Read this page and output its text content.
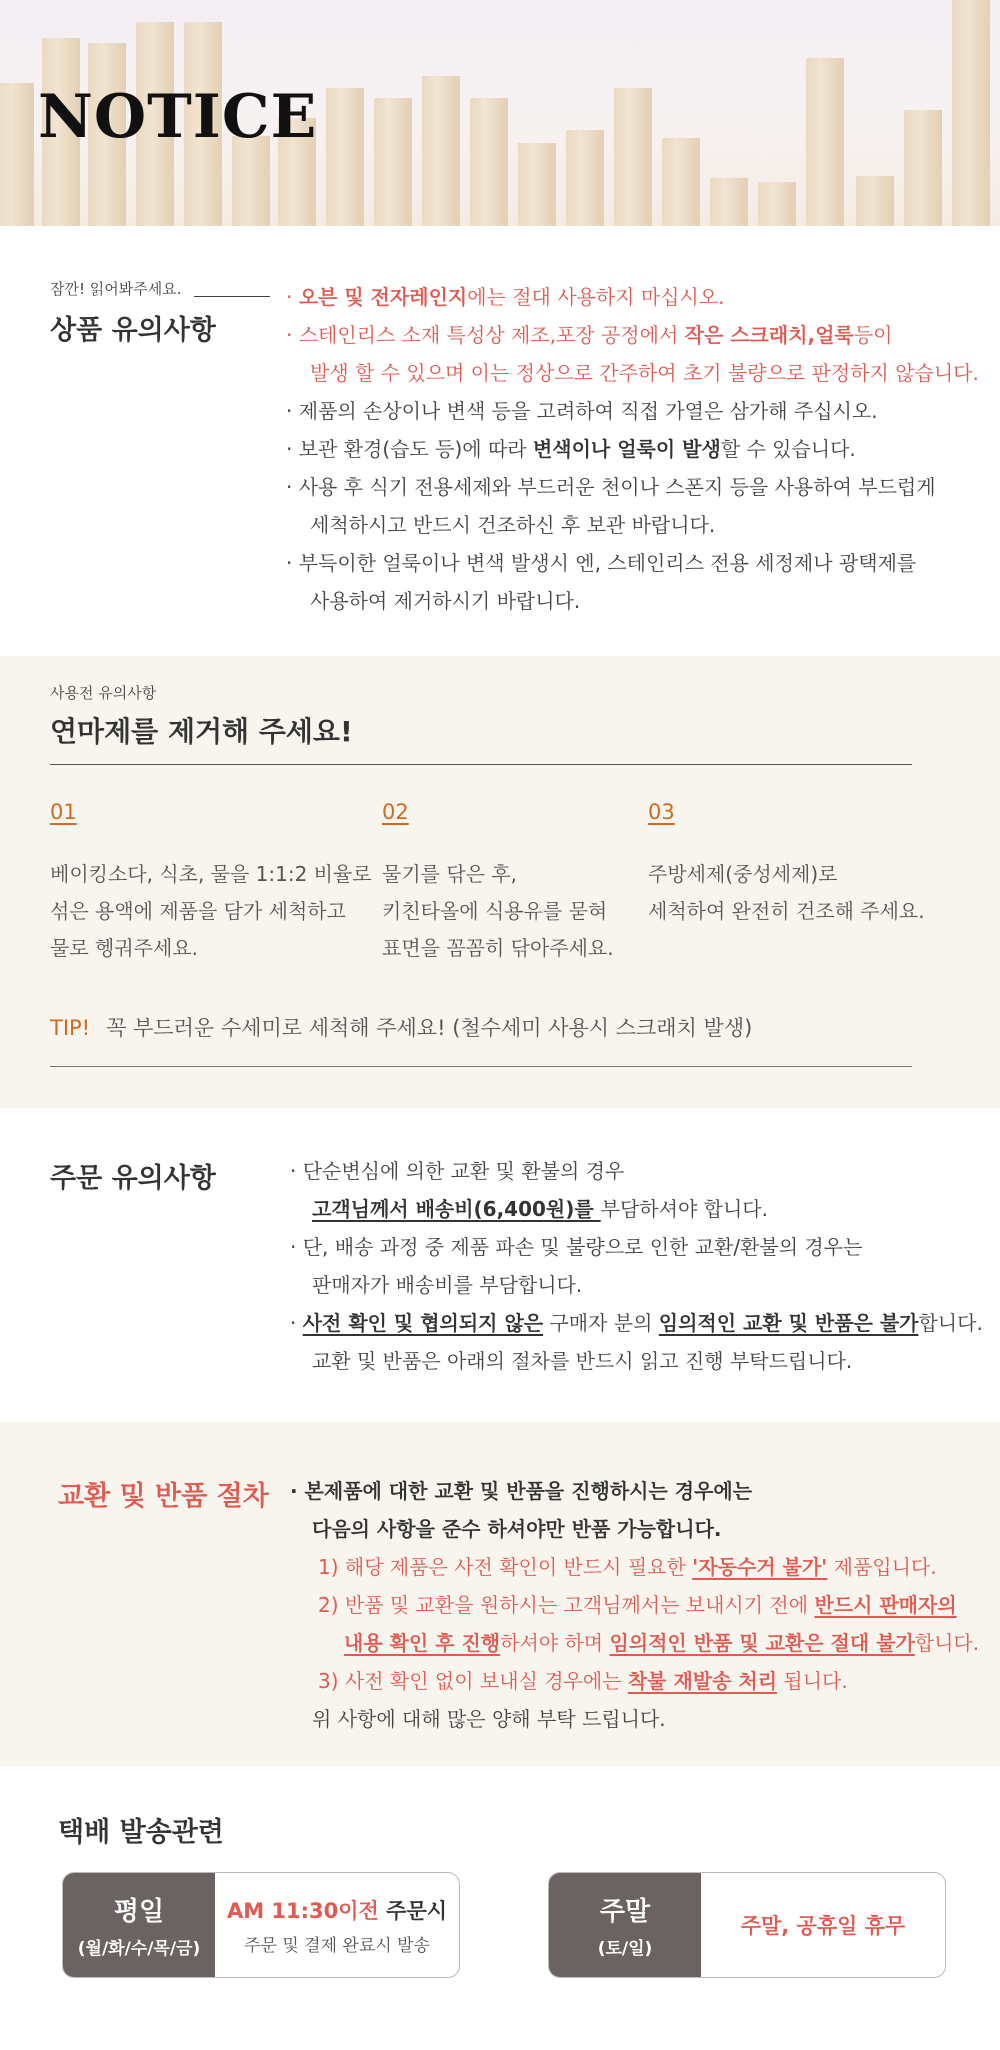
NOTICE
잠깐! 읽어봐주세요.
상품 유의사항
· 오븐 및 전자레인지에는 절대 사용하지 마십시오.
· 스테인리스 소재 특성상 제조,포장 공정에서 작은 스크래치,얼룩등이
발생 할 수 있으며 이는 정상으로 간주하여 초기 불량으로 판정하지 않습니다.
· 제품의 손상이나 변색 등을 고려하여 직접 가열은 삼가해 주십시오.
· 보관 환경(습도 등)에 따라 변색이나 얼룩이 발생할 수 있습니다.
· 사용 후 식기 전용세제와 부드러운 천이나 스폰지 등을 사용하여 부드럽게
세척하시고 반드시 건조하신 후 보관 바랍니다.
· 부득이한 얼룩이나 변색 발생시 엔, 스테인리스 전용 세정제나 광택제를
사용하여 제거하시기 바랍니다.
사용전 유의사항
연마제를 제거해 주세요!
01
베이킹소다, 식초, 물을 1:1:2 비율로
섞은 용액에 제품을 담가 세척하고
물로 헹궈주세요.
02
물기를 닦은 후,
키친타올에 식용유를 묻혀
표면을 꼼꼼히 닦아주세요.
03
주방세제(중성세제)로
세척하여 완전히 건조해 주세요.
TIP! 꼭 부드러운 수세미로 세척해 주세요! (철수세미 사용시 스크래치 발생)
주문 유의사항	· 단순변심에 의한 교환 및 환불의 경우
고객님께서 배송비(6,400원)를 부담하셔야 합니다.
· 단, 배송 과정 중 제품 파손 및 불량으로 인한 교환/환불의 경우는
판매자가 배송비를 부담합니다.
· 사전 확인 및 협의되지 않은 구매자 분의 임의적인 교환 및 반품은 불가합니다.
교환 및 반품은 아래의 절차를 반드시 읽고 진행 부탁드립니다.
교환 및 반품 절차 · 본제품에 대한 교환 및 반품을 진행하시는 경우에는
다음의 사항을 준수 하셔야만 반품 가능합니다.
1) 해당 제품은 사전 확인이 반드시 필요한 '자동수거 불가' 제품입니다.
2) 반품 및 교환을 원하시는 고객님께서는 보내시기 전에 반드시 판매자의
내용 확인 후 진행하셔야 하며 임의적인 반품 및 교환은 절대 불가합니다.
3) 사전 확인 없이 보내실 경우에는 착불 재발송 처리 됩니다.
위 사항에 대해 많은 양해 부탁 드립니다.
택배 발송관련
평일
(월/화/수/목/금)
AM 11:30이전 주문시
주문 및 결제 완료시 발송
주말
(토/일)
주말, 공휴일 휴무
